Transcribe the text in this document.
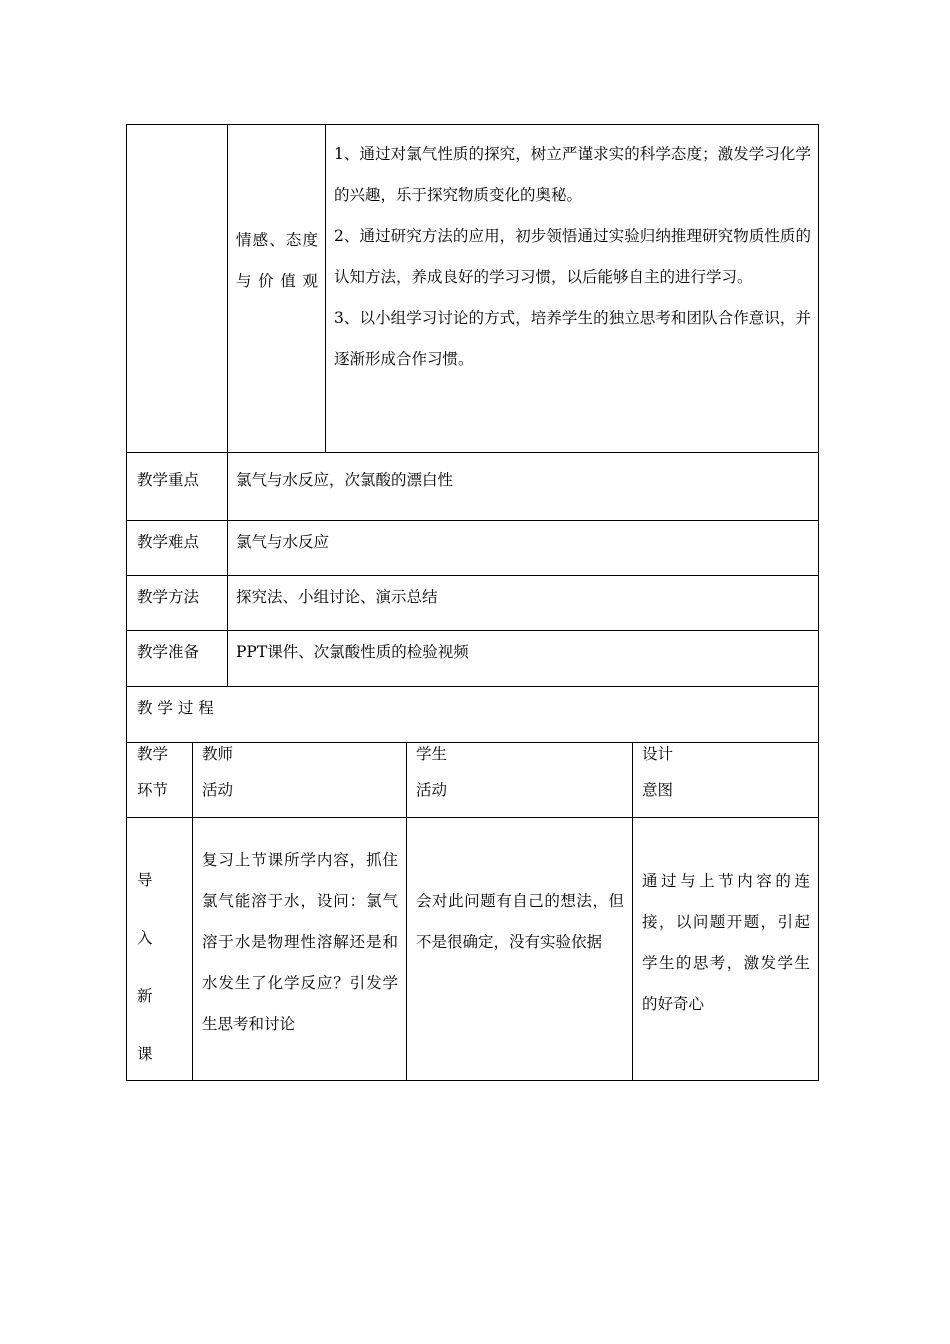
情感、态度与价值观

1、通过对氯气性质的探究，树立严谨求实的科学态度；激发学习化学的兴趣，乐于探究物质变化的奥秘。

2、通过研究方法的应用，初步领悟通过实验归纳推理研究物质性质的认知方法，养成良好的学习习惯，以后能够自主的进行学习。

3、以小组学习讨论的方式，培养学生的独立思考和团队合作意识，并逐渐形成合作习惯。

教学重点 氯气与水反应，次氯酸的漂白性
教学难点 氯气与水反应
教学方法 探究法、小组讨论、演示总结
教学准备 PPT课件、次氯酸性质的检验视频
教 学 过 程
教学
环节
教师
活动
学生
活动
设计
意图
导
入
新
课
复习上节课所学内容，抓住氯气能溶于水，设问：氯气溶于水是物理性溶解还是和水发生了化学反应？引发学生思考和讨论
会对此问题有自己的想法，但不是很确定，没有实验依据
通过与上节内容的连接，以问题开题，引起学生的思考，激发学生的好奇心
